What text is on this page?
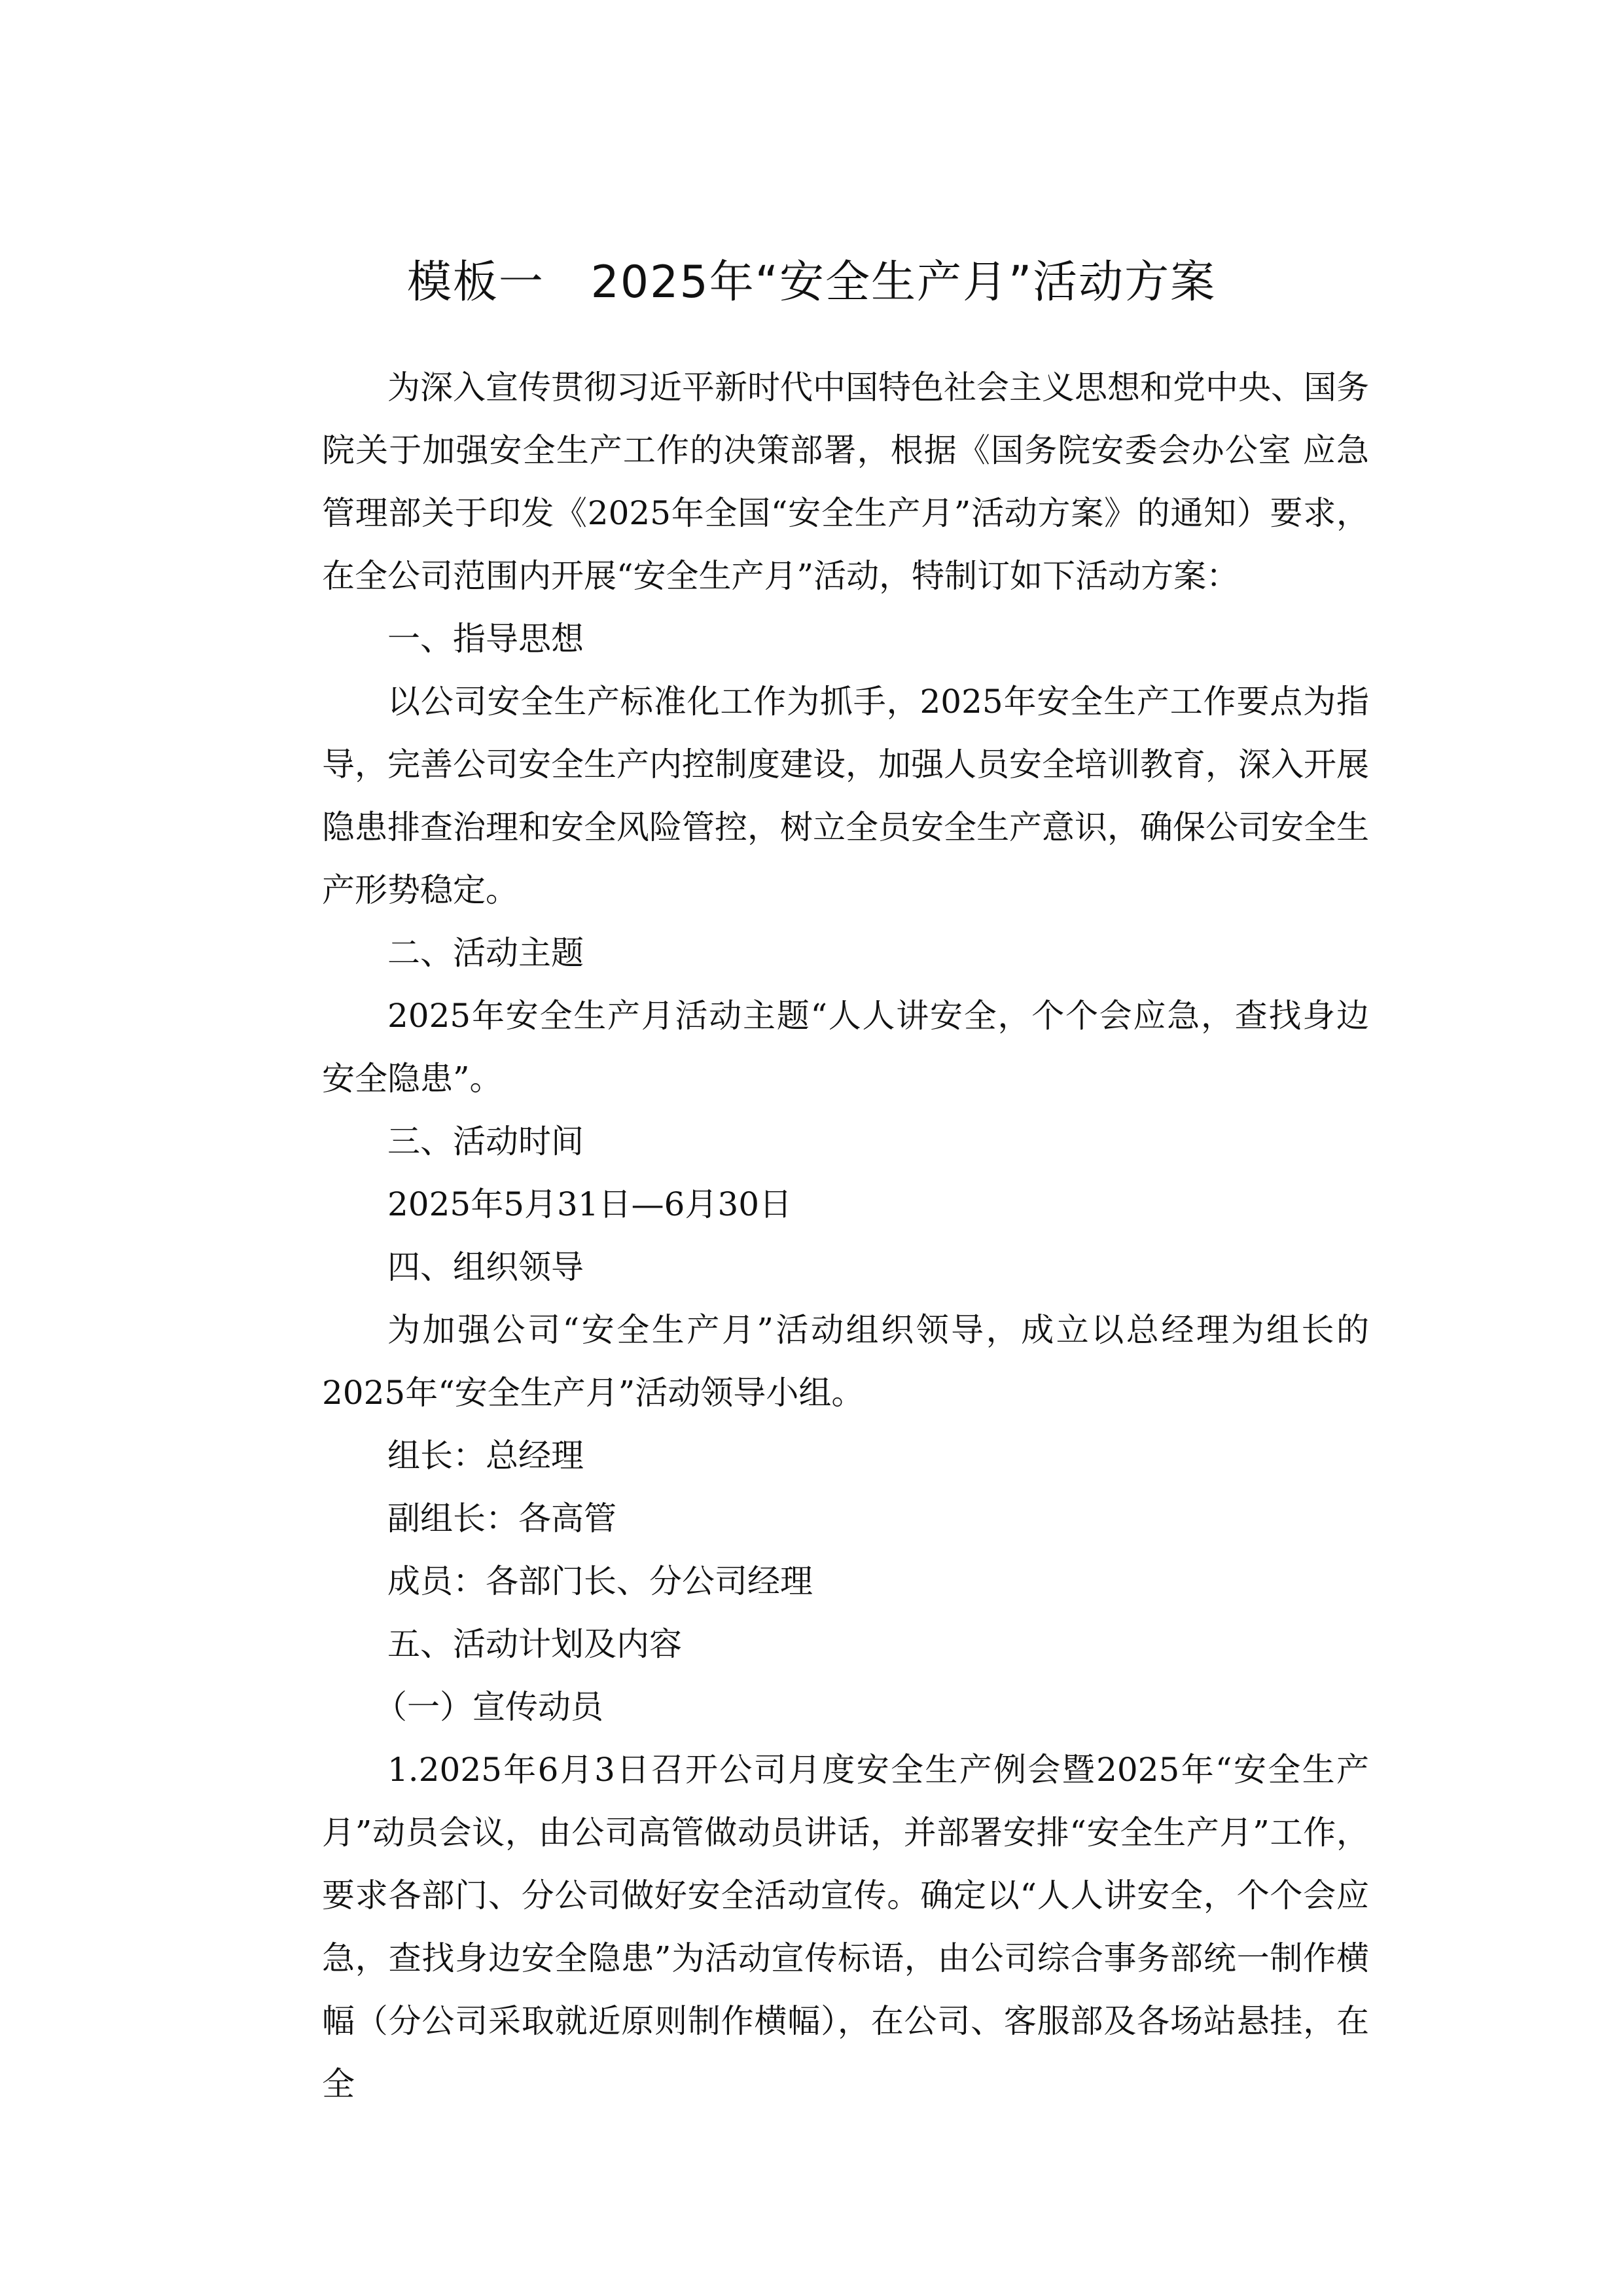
模板一   2025年“安全生产月”活动方案

为深入宣传贯彻习近平新时代中国特色社会主义思想和党中央、国务院关于加强安全生产工作的决策部署，根据《国务院安委会办公室 应急管理部关于印发《2025年全国“安全生产月”活动方案》的通知）要求，在全公司范围内开展“安全生产月”活动，特制订如下活动方案：

一、指导思想

以公司安全生产标准化工作为抓手，2025年安全生产工作要点为指导，完善公司安全生产内控制度建设，加强人员安全培训教育，深入开展隐患排查治理和安全风险管控，树立全员安全生产意识，确保公司安全生产形势稳定。

二、活动主题

2025年安全生产月活动主题“人人讲安全，个个会应急，查找身边安全隐患”。

三、活动时间

2025年5月31日—6月30日

四、组织领导

为加强公司“安全生产月”活动组织领导，成立以总经理为组长的2025年“安全生产月”活动领导小组。

组长：总经理

副组长：各高管

成员：各部门长、分公司经理

五、活动计划及内容

（一）宣传动员

1.2025年6月3日召开公司月度安全生产例会暨2025年“安全生产月”动员会议，由公司高管做动员讲话，并部署安排“安全生产月”工作，要求各部门、分公司做好安全活动宣传。确定以“人人讲安全，个个会应急，查找身边安全隐患”为活动宣传标语，由公司综合事务部统一制作横幅（分公司采取就近原则制作横幅），在公司、客服部及各场站悬挂，在全
